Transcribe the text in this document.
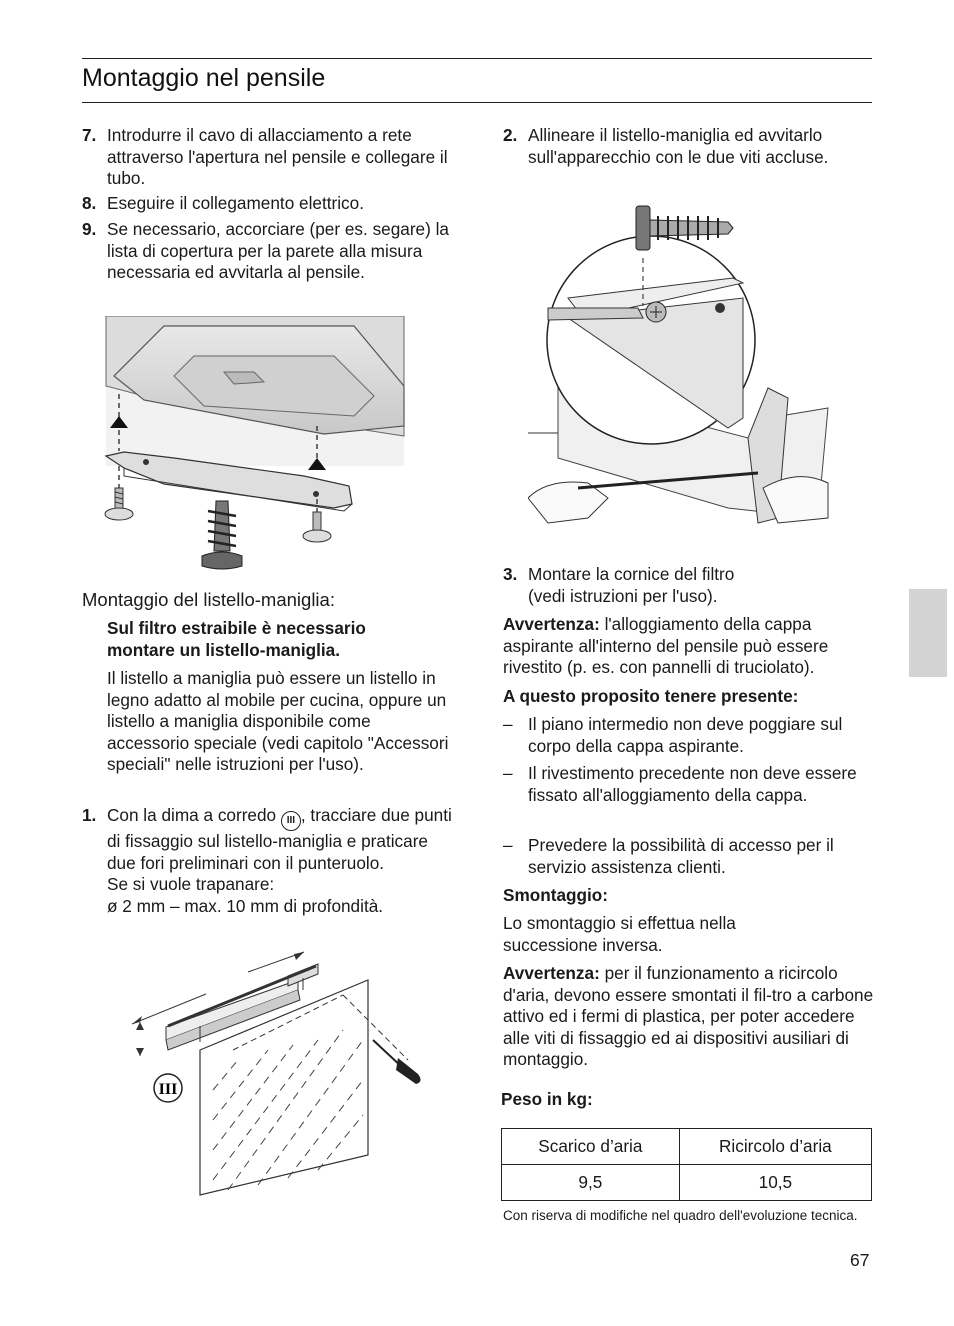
Montaggio nel pensile
7. Introdurre il cavo di allacciamento a rete attraverso l'apertura nel pensile e collegare il tubo.
8. Eseguire il collegamento elettrico.
9. Se necessario, accorciare (per es. segare) la lista di copertura per la parete alla misura necessaria ed avvitarla al pensile.
Montaggio del listello-maniglia:
Sul filtro estraibile è necessario montare un listello-maniglia.
Il listello a maniglia può essere un listello in legno adatto al mobile per cucina, oppure un listello a maniglia disponibile come accessorio speciale (vedi capitolo "Accessori speciali" nelle istruzioni per l'uso).
1. Con la dima a corredo III , tracciare due punti di fissaggio sul listello-maniglia e praticare due fori preliminari con il punteruolo.
Se si vuole trapanare:
ø 2 mm – max. 10 mm di profondità.
III
2. Allineare il listello-maniglia ed avvitarlo sull'apparecchio con le due viti accluse.
3. Montare la cornice del filtro
(vedi istruzioni per l'uso).
Avvertenza: l'alloggiamento della cappa aspirante all'interno del pensile può essere rivestito (p. es. con pannelli di truciolato).
A questo proposito tenere presente:
– Il piano intermedio non deve poggiare sul corpo della cappa aspirante.
– Il rivestimento precedente non deve essere fissato all'alloggiamento della cappa.
– Prevedere la possibilità di accesso per il servizio assistenza clienti.
Smontaggio:
Lo smontaggio si effettua nella successione inversa.
Avvertenza: per il funzionamento a ricircolo d'aria, devono essere smontati il fil-tro a carbone attivo ed i fermi di plastica, per poter accedere alle viti di fissaggio ed ai dispositivi ausiliari di montaggio.
Peso in kg:
Scarico d’aria	Ricircolo d’aria
9,5	10,5
Con riserva di modifiche nel quadro dell'evoluzione tecnica.
67
